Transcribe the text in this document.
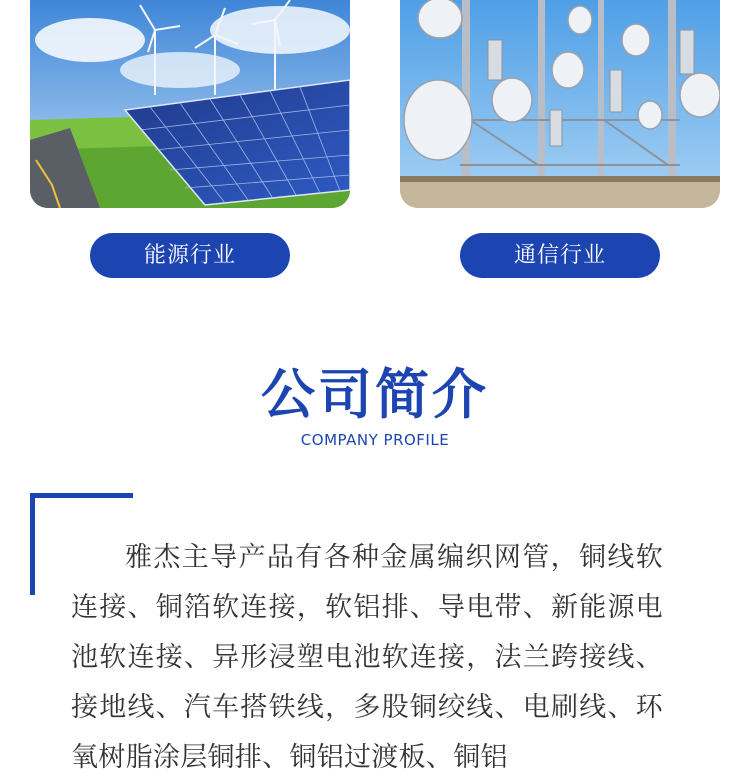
能源行业	通信行业
公司简介
COMPANY PROFILE

雅杰主导产品有各种金属编织网管，铜线软连接、铜箔软连接，软铝排、导电带、新能源电池软连接、异形浸塑电池软连接，法兰跨接线、接地线、汽车搭铁线，多股铜绞线、电刷线、环氧树脂涂层铜排、铜铝过渡板、铜铝
